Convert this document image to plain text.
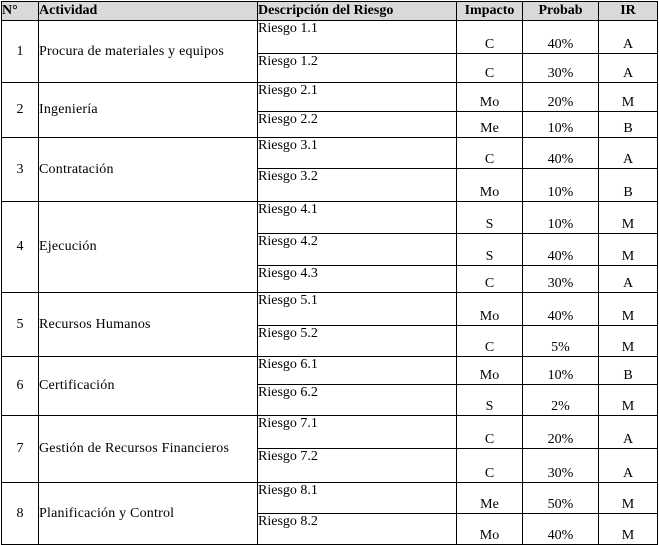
N°	Actividad	Descripción del Riesgo	Impacto	Probab	IR
1	Procura de materiales y equipos	Riesgo 1.1	C	40%	A
		Riesgo 1.2	C	30%	A
2	Ingeniería	Riesgo 2.1	Mo	20%	M
		Riesgo 2.2	Me	10%	B
3	Contratación	Riesgo 3.1	C	40%	A
		Riesgo 3.2	Mo	10%	B
4	Ejecución	Riesgo 4.1	S	10%	M
		Riesgo 4.2	S	40%	M
		Riesgo 4.3	C	30%	A
5	Recursos Humanos	Riesgo 5.1	Mo	40%	M
		Riesgo 5.2	C	5%	M
6	Certificación	Riesgo 6.1	Mo	10%	B
		Riesgo 6.2	S	2%	M
7	Gestión de Recursos Financieros	Riesgo 7.1	C	20%	A
		Riesgo 7.2	C	30%	A
8	Planificación y Control	Riesgo 8.1	Me	50%	M
		Riesgo 8.2	Mo	40%	M
